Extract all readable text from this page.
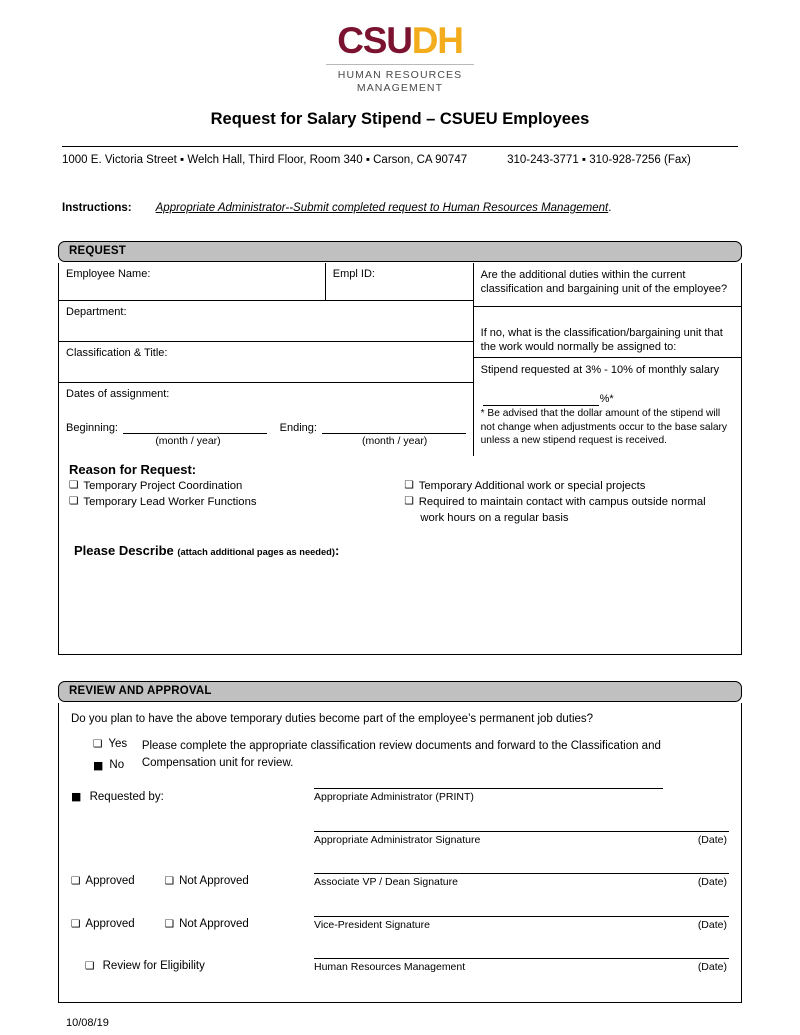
CSUDH
HUMAN RESOURCES
MANAGEMENT
Request for Salary Stipend – CSUEU Employees
1000 E. Victoria Street ▪ Welch Hall, Third Floor, Room 340 ▪ Carson, CA 90747	310-243-3771 ▪ 310-928-7256 (Fax)
Instructions: Appropriate Administrator--Submit completed request to Human Resources Management .
REQUEST
Employee Name:	Empl ID:
Department:
Classification & Title:
Dates of assignment:
Beginning:
(month / year)
Ending:
(month / year)
Are the additional duties within the current classification and bargaining unit of the employee?
If no, what is the classification/bargaining unit that the work would normally be assigned to:
Stipend requested at 3% - 10% of monthly salary
%*
* Be advised that the dollar amount of the stipend will not change when adjustments occur to the base salary unless a new stipend request is received.
Reason for Request:
❑ Temporary Project Coordination
❑ Temporary Lead Worker Functions
❑ Temporary Additional work or special projects
❑ Required to maintain contact with campus outside normal
work hours on a regular basis
Please Describe (attach additional pages as needed):
REVIEW AND APPROVAL
Do you plan to have the above temporary duties become part of the employee’s permanent job duties?
❑ Yes
■ No
Please complete the appropriate classification review documents and forward to the Classification and Compensation unit for review.
■ Requested by:	Appropriate Administrator (PRINT)
Appropriate Administrator Signature	(Date)
❑ Approved	❑ Not Approved	Associate VP / Dean Signature	(Date)
❑ Approved	❑ Not Approved	Vice-President Signature	(Date)
❑ Review for Eligibility	Human Resources Management	(Date)
10/08/19
